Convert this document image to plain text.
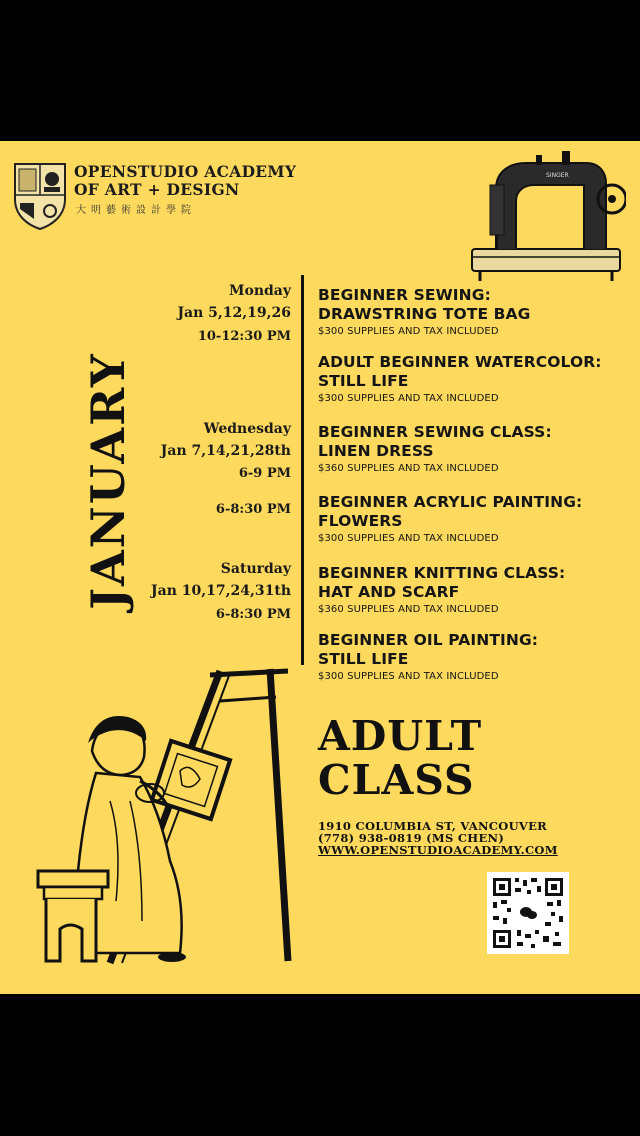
OPENSTUDIO ACADEMY
OF ART + DESIGN
大明藝術設計學院
SINGER
JANUARY
Monday
Jan 5,12,19,26
10-12:30 PM
Wednesday
Jan 7,14,21,28th
6-9 PM
6-8:30 PM
Saturday
Jan 10,17,24,31th
6-8:30 PM
BEGINNER SEWING:
DRAWSTRING TOTE BAG
$300 SUPPLIES AND TAX INCLUDED
ADULT BEGINNER WATERCOLOR:
STILL LIFE
$300 SUPPLIES AND TAX INCLUDED
BEGINNER SEWING CLASS:
LINEN DRESS
$360 SUPPLIES AND TAX INCLUDED
BEGINNER ACRYLIC PAINTING:
FLOWERS
$300 SUPPLIES AND TAX INCLUDED
BEGINNER KNITTING CLASS:
HAT AND SCARF
$360 SUPPLIES AND TAX INCLUDED
BEGINNER OIL PAINTING:
STILL LIFE
$300 SUPPLIES AND TAX INCLUDED
ADULT
CLASS
1910 COLUMBIA ST, VANCOUVER
(778) 938-0819 (MS CHEN)
WWW.OPENSTUDIOACADEMY.COM
